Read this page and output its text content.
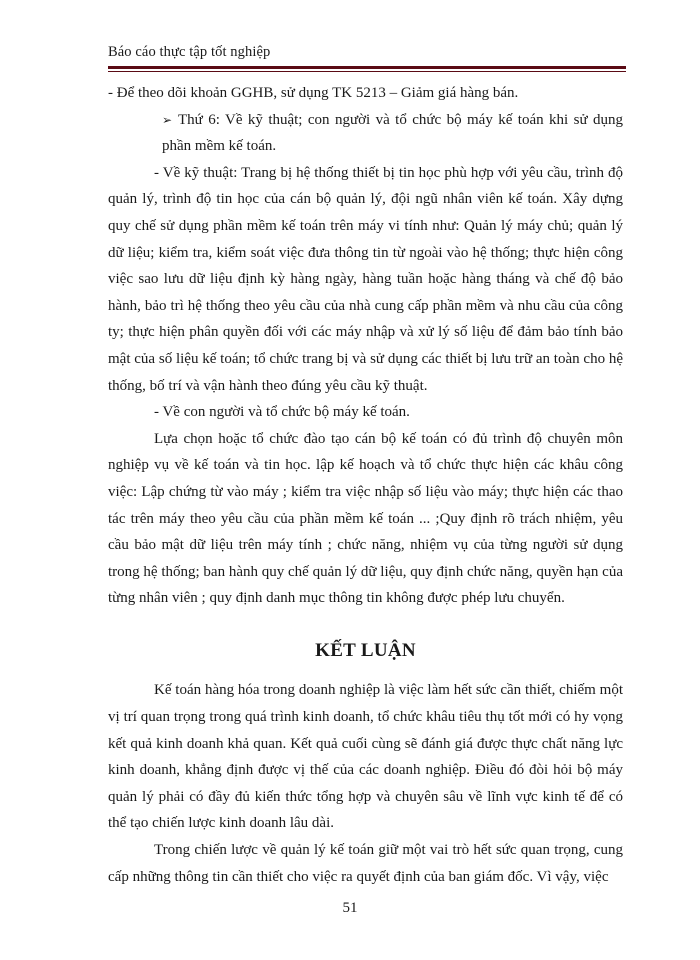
Báo cáo thực tập tốt nghiệp

- Để theo dõi khoản GGHB, sử dụng TK 5213 – Giảm giá hàng bán.

➢ Thứ 6: Về kỹ thuật; con người và tổ chức bộ máy kế toán khi sử dụng phần mềm kế toán.

- Về kỹ thuật: Trang bị hệ thống thiết bị tin học phù hợp với yêu cầu, trình độ quản lý, trình độ tin học của cán bộ quản lý, đội ngũ nhân viên kế toán. Xây dựng quy chế sử dụng phần mềm kế toán trên máy vi tính như: Quản lý máy chủ; quản lý dữ liệu; kiểm tra, kiểm soát việc đưa thông tin từ ngoài vào hệ thống; thực hiện công việc sao lưu dữ liệu định kỳ hàng ngày, hàng tuần hoặc hàng tháng và chế độ bảo hành, bảo trì hệ thống theo yêu cầu của nhà cung cấp phần mềm và nhu cầu của công ty; thực hiện phân quyền đối với các máy nhập và xử lý số liệu để đảm bảo tính bảo mật của số liệu kế toán; tổ chức trang bị và sử dụng các thiết bị lưu trữ an toàn cho hệ thống, bố trí và vận hành theo đúng yêu cầu kỹ thuật.

- Về con người và tổ chức bộ máy kế toán.

Lựa chọn hoặc tổ chức đào tạo cán bộ kế toán có đủ trình độ chuyên môn nghiệp vụ về kế toán và tin học. lập kế hoạch và tổ chức thực hiện các khâu công việc: Lập chứng từ vào máy ; kiểm tra việc nhập số liệu vào máy; thực hiện các thao tác trên máy theo yêu cầu của phần mềm kế toán ... ;Quy định rõ trách nhiệm, yêu cầu bảo mật dữ liệu trên máy tính ; chức năng, nhiệm vụ của từng người sử dụng trong hệ thống; ban hành quy chế quản lý dữ liệu, quy định chức năng, quyền hạn của từng nhân viên ; quy định danh mục thông tin không được phép lưu chuyển.

KẾT LUẬN

Kế toán hàng hóa trong doanh nghiệp là việc làm hết sức cần thiết, chiếm một vị trí quan trọng trong quá trình kinh doanh, tổ chức khâu tiêu thụ tốt mới có hy vọng kết quả kinh doanh khả quan. Kết quả cuối cùng sẽ đánh giá được thực chất năng lực kinh doanh, khẳng định được vị thế của các doanh nghiệp. Điều đó đòi hỏi bộ máy quản lý phải có đầy đủ kiến thức tổng hợp và chuyên sâu về lĩnh vực kinh tế để có thể tạo chiến lược kinh doanh lâu dài.

Trong chiến lược về quản lý kế toán giữ một vai trò hết sức quan trọng, cung cấp những thông tin cần thiết cho việc ra quyết định của ban giám đốc. Vì vậy, việc

51
